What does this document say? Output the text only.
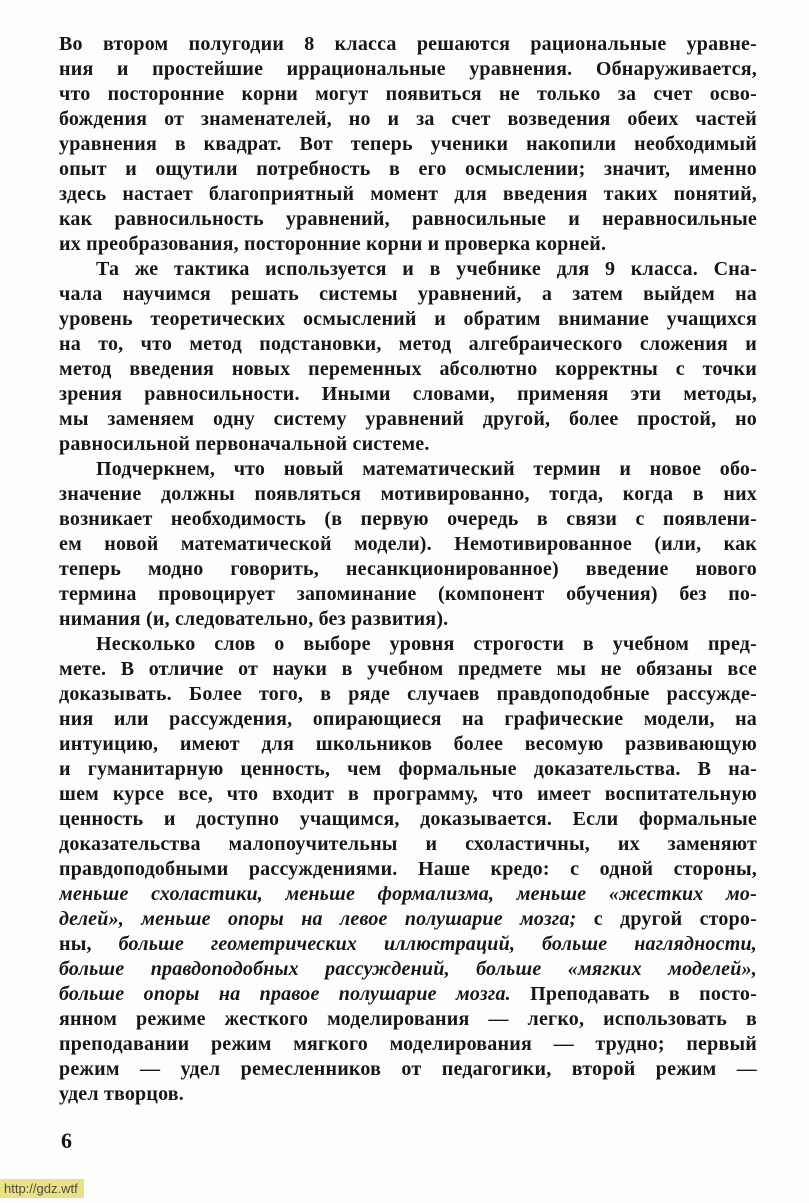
Во втором полугодии 8 класса решаются рациональные уравне-
ния и простейшие иррациональные уравнения. Обнаруживается,
что посторонние корни могут появиться не только за счет осво-
бождения от знаменателей, но и за счет возведения обеих частей
уравнения в квадрат. Вот теперь ученики накопили необходимый
опыт и ощутили потребность в его осмыслении; значит, именно
здесь настает благоприятный момент для введения таких понятий,
как равносильность уравнений, равносильные и неравносильные
их преобразования, посторонние корни и проверка корней.
Та же тактика используется и в учебнике для 9 класса. Сна-
чала научимся решать системы уравнений, а затем выйдем на
уровень теоретических осмыслений и обратим внимание учащихся
на то, что метод подстановки, метод алгебраического сложения и
метод введения новых переменных абсолютно корректны с точки
зрения равносильности. Иными словами, применяя эти методы,
мы заменяем одну систему уравнений другой, более простой, но
равносильной первоначальной системе.
Подчеркнем, что новый математический термин и новое обо-
значение должны появляться мотивированно, тогда, когда в них
возникает необходимость (в первую очередь в связи с появлени-
ем новой математической модели). Немотивированное (или, как
теперь модно говорить, несанкционированное) введение нового
термина провоцирует запоминание (компонент обучения) без по-
нимания (и, следовательно, без развития).
Несколько слов о выборе уровня строгости в учебном пред-
мете. В отличие от науки в учебном предмете мы не обязаны все
доказывать. Более того, в ряде случаев правдоподобные рассужде-
ния или рассуждения, опирающиеся на графические модели, на
интуицию, имеют для школьников более весомую развивающую
и гуманитарную ценность, чем формальные доказательства. В на-
шем курсе все, что входит в программу, что имеет воспитательную
ценность и доступно учащимся, доказывается. Если формальные
доказательства малопоучительны и схоластичны, их заменяют
правдоподобными рассуждениями. Наше кредо: с одной стороны,
меньше схоластики, меньше формализма, меньше «жестких мо-
делей», меньше опоры на левое полушарие мозга; с другой сторо-
ны, больше геометрических иллюстраций, больше наглядности,
больше правдоподобных рассуждений, больше «мягких моделей»,
больше опоры на правое полушарие мозга. Преподавать в посто-
янном режиме жесткого моделирования — легко, использовать в
преподавании режим мягкого моделирования — трудно; первый
режим — удел ремесленников от педагогики, второй режим —
удел творцов.
6
http://gdz.wtf
